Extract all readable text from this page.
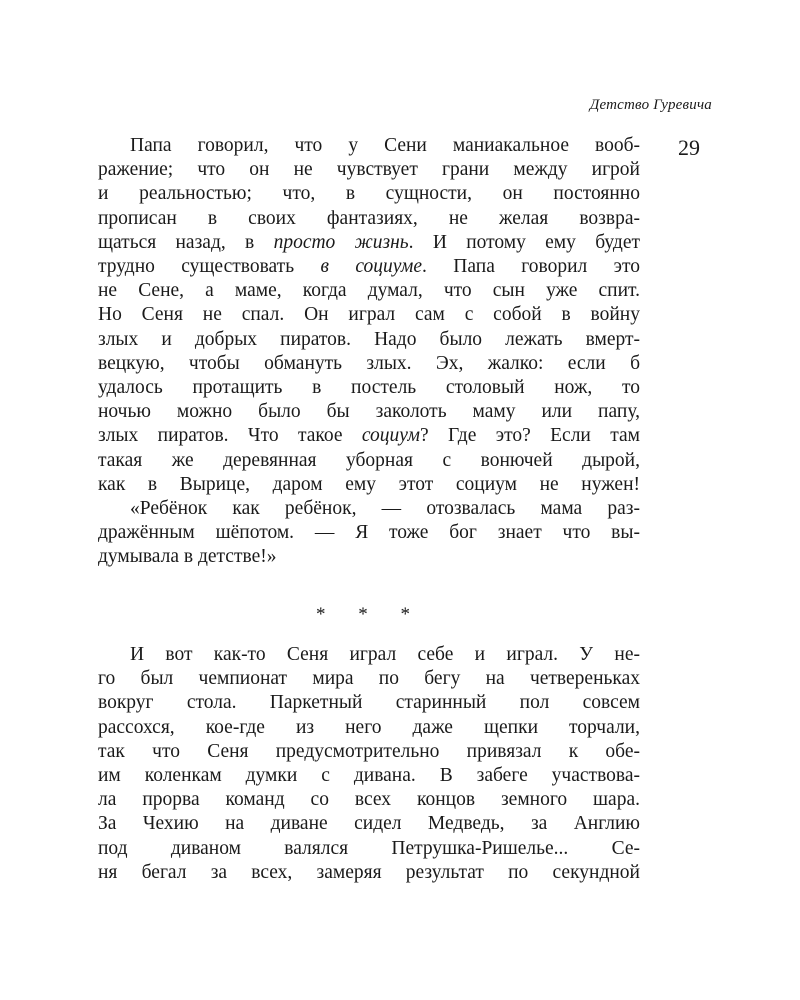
Детство Гуревича
29
Папа говорил, что у Сени маниакальное вооб-
ражение; что он не чувствует грани между игрой
и реальностью; что, в сущности, он постоянно
прописан в своих фантазиях, не желая возвра-
щаться назад, в просто жизнь. И потому ему будет
трудно существовать в социуме. Папа говорил это
не Сене, а маме, когда думал, что сын уже спит.
Но Сеня не спал. Он играл сам с собой в войну
злых и добрых пиратов. Надо было лежать вмерт-
вецкую, чтобы обмануть злых. Эх, жалко: если б
удалось протащить в постель столовый нож, то
ночью можно было бы заколоть маму или папу,
злых пиратов. Что такое социум? Где это? Если там
такая же деревянная уборная с вонючей дырой,
как в Вырице, даром ему этот социум не нужен!
«Ребёнок как ребёнок, — отозвалась мама раз-
дражённым шёпотом. — Я тоже бог знает что вы-
думывала в детстве!»
* * *
И вот как-то Сеня играл себе и играл. У не-
го был чемпионат мира по бегу на четвереньках
вокруг стола. Паркетный старинный пол совсем
рассохся, кое-где из него даже щепки торчали,
так что Сеня предусмотрительно привязал к обе-
им коленкам думки с дивана. В забеге участвова-
ла прорва команд со всех концов земного шара.
За Чехию на диване сидел Медведь, за Англию
под диваном валялся Петрушка-Ришелье... Се-
ня бегал за всех, замеряя результат по секундной
